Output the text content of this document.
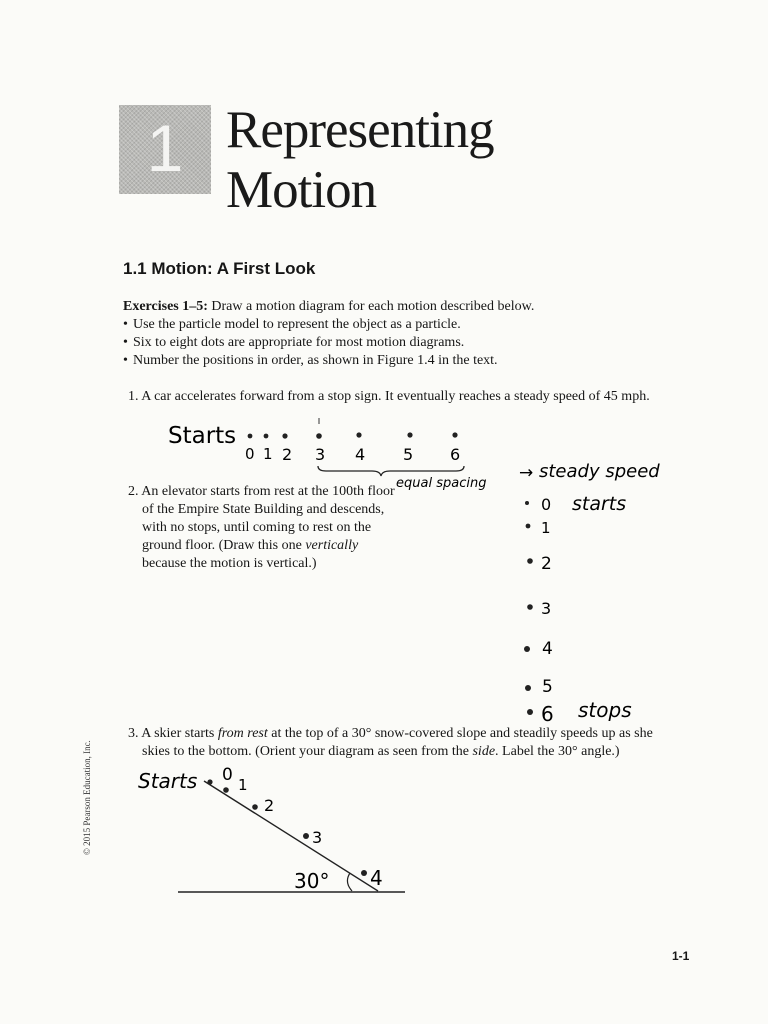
1 Representing
Motion
1.1 Motion: A First Look
Exercises 1–5: Draw a motion diagram for each motion described below.
• Use the particle model to represent the object as a particle.
• Six to eight dots are appropriate for most motion diagrams.
• Number the positions in order, as shown in Figure 1.4 in the text.
1. A car accelerates forward from a stop sign. It eventually reaches a steady speed of 45 mph.
Starts
0 1 2 3 4 5 6
equal spacing
→ steady speed
0 starts
1
2
3
4
5
6 stops
Starts 0 1
2
3
4
30°
2. An elevator starts from rest at the 100th floor
of the Empire State Building and descends,
with no stops, until coming to rest on the
ground floor. (Draw this one vertically
because the motion is vertical.)
3. A skier starts from rest at the top of a 30° snow-covered slope and steadily speeds up as she
skies to the bottom. (Orient your diagram as seen from the side. Label the 30° angle.)
© 2015 Pearson Education, Inc.
1-1
